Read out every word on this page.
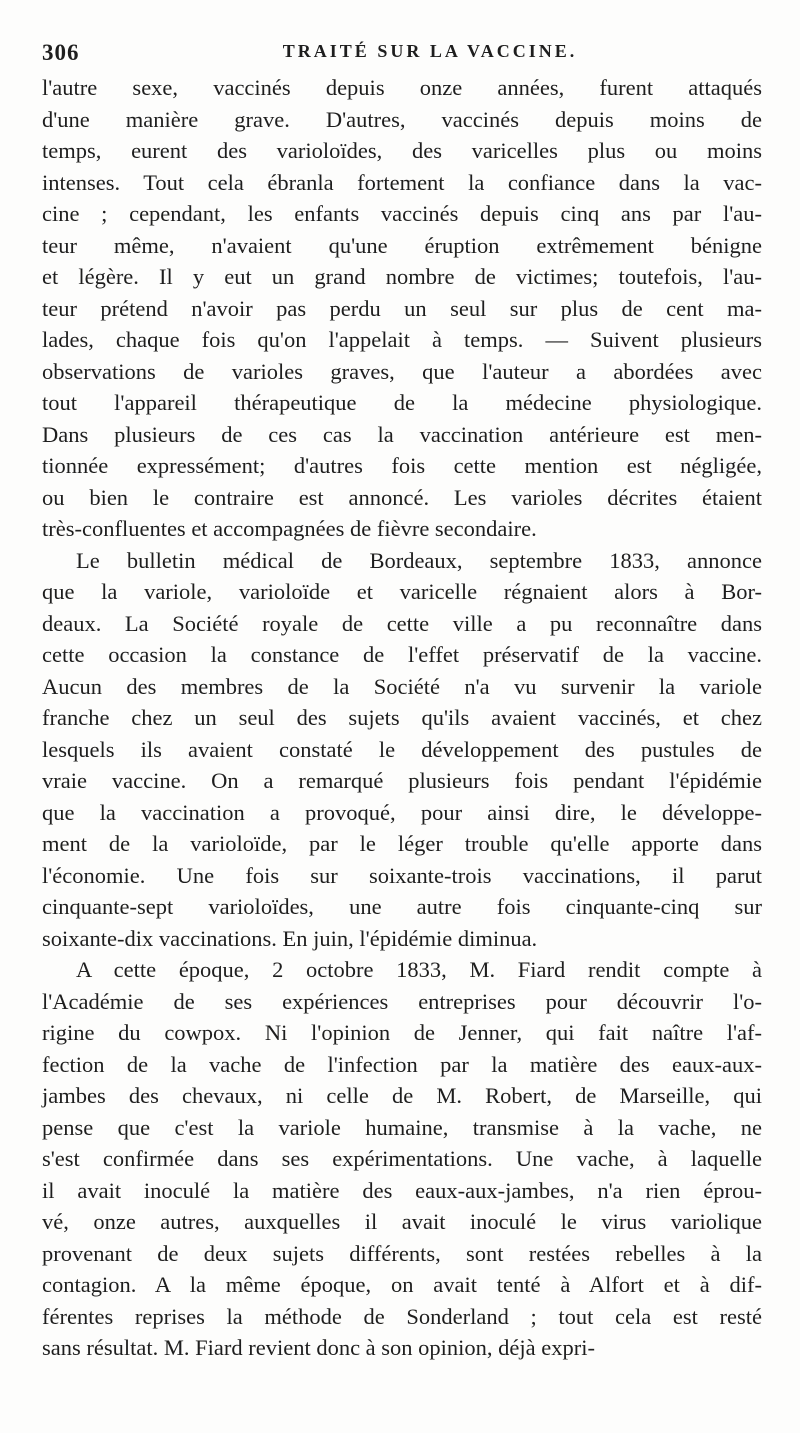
306	TRAITÉ SUR LA VACCINE.
l'autre sexe, vaccinés depuis onze années, furent attaqués
d'une manière grave. D'autres, vaccinés depuis moins de
temps, eurent des varioloïdes, des varicelles plus ou moins
intenses. Tout cela ébranla fortement la confiance dans la vac-
cine ; cependant, les enfants vaccinés depuis cinq ans par l'au-
teur même, n'avaient qu'une éruption extrêmement bénigne
et légère. Il y eut un grand nombre de victimes; toutefois, l'au-
teur prétend n'avoir pas perdu un seul sur plus de cent ma-
lades, chaque fois qu'on l'appelait à temps. — Suivent plusieurs
observations de varioles graves, que l'auteur a abordées avec
tout l'appareil thérapeutique de la médecine physiologique.
Dans plusieurs de ces cas la vaccination antérieure est men-
tionnée expressément; d'autres fois cette mention est négligée,
ou bien le contraire est annoncé. Les varioles décrites étaient
très-confluentes et accompagnées de fièvre secondaire.
Le bulletin médical de Bordeaux, septembre 1833, annonce
que la variole, varioloïde et varicelle régnaient alors à Bor-
deaux. La Société royale de cette ville a pu reconnaître dans
cette occasion la constance de l'effet préservatif de la vaccine.
Aucun des membres de la Société n'a vu survenir la variole
franche chez un seul des sujets qu'ils avaient vaccinés, et chez
lesquels ils avaient constaté le développement des pustules de
vraie vaccine. On a remarqué plusieurs fois pendant l'épidémie
que la vaccination a provoqué, pour ainsi dire, le développe-
ment de la varioloïde, par le léger trouble qu'elle apporte dans
l'économie. Une fois sur soixante-trois vaccinations, il parut
cinquante-sept varioloïdes, une autre fois cinquante-cinq sur
soixante-dix vaccinations. En juin, l'épidémie diminua.
A cette époque, 2 octobre 1833, M. Fiard rendit compte à
l'Académie de ses expériences entreprises pour découvrir l'o-
rigine du cowpox. Ni l'opinion de Jenner, qui fait naître l'af-
fection de la vache de l'infection par la matière des eaux-aux-
jambes des chevaux, ni celle de M. Robert, de Marseille, qui
pense que c'est la variole humaine, transmise à la vache, ne
s'est confirmée dans ses expérimentations. Une vache, à laquelle
il avait inoculé la matière des eaux-aux-jambes, n'a rien éprou-
vé, onze autres, auxquelles il avait inoculé le virus variolique
provenant de deux sujets différents, sont restées rebelles à la
contagion. A la même époque, on avait tenté à Alfort et à dif-
férentes reprises la méthode de Sonderland ; tout cela est resté
sans résultat. M. Fiard revient donc à son opinion, déjà expri-
